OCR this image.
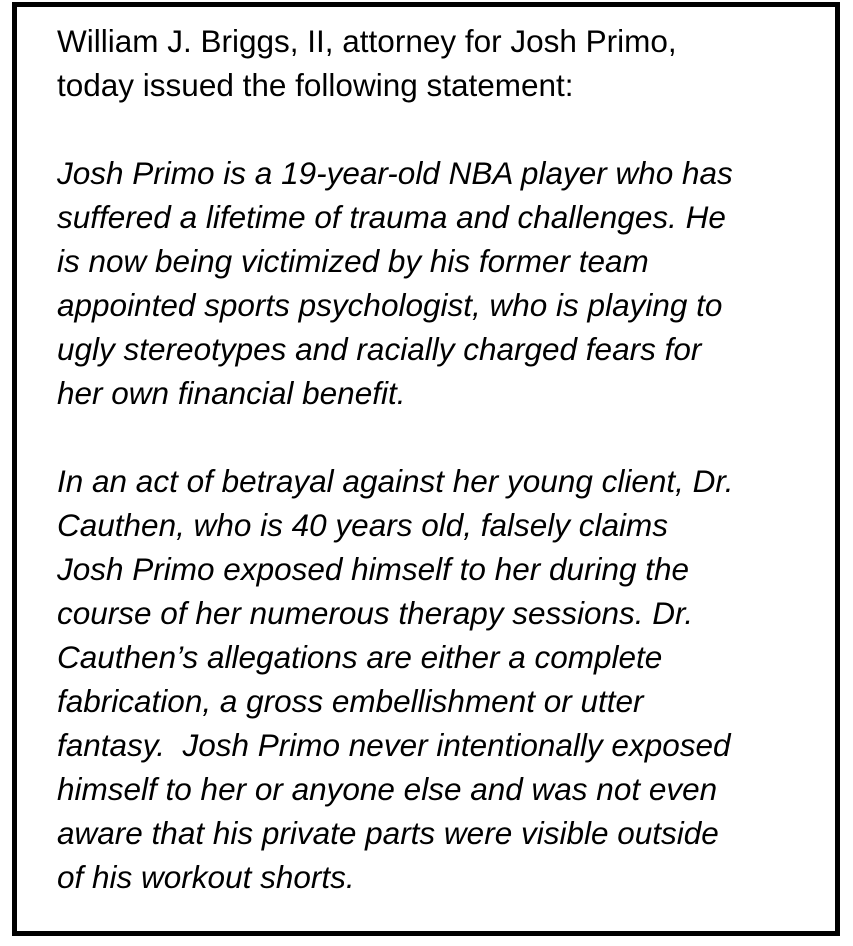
William J. Briggs, II, attorney for Josh Primo,
today issued the following statement:
Josh Primo is a 19-year-old NBA player who has
suffered a lifetime of trauma and challenges. He
is now being victimized by his former team
appointed sports psychologist, who is playing to
ugly stereotypes and racially charged fears for
her own financial benefit.
In an act of betrayal against her young client, Dr.
Cauthen, who is 40 years old, falsely claims
Josh Primo exposed himself to her during the
course of her numerous therapy sessions. Dr.
Cauthen’s allegations are either a complete
fabrication, a gross embellishment or utter
fantasy.  Josh Primo never intentionally exposed
himself to her or anyone else and was not even
aware that his private parts were visible outside
of his workout shorts.
